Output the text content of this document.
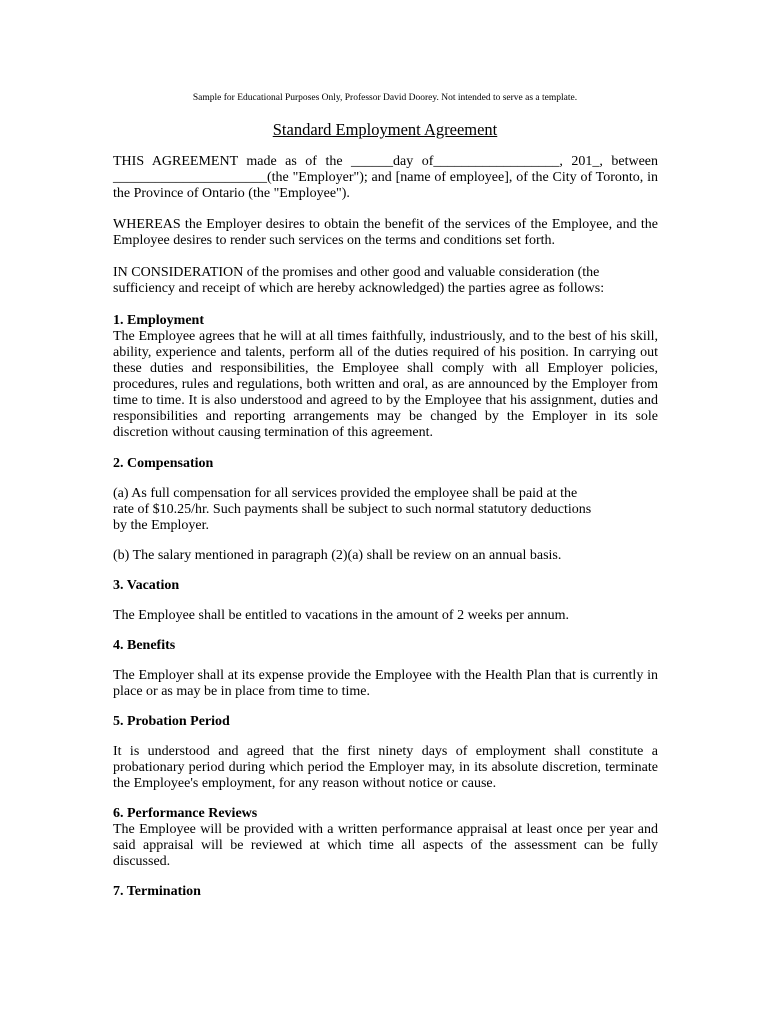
Sample for Educational Purposes Only, Professor David Doorey. Not intended to serve as a template.
Standard Employment Agreement

THIS AGREEMENT made as of the ______day of__________________, 201_, between ______________________(the "Employer"); and [name of employee], of the City of Toronto, in the Province of Ontario (the "Employee").

WHEREAS the Employer desires to obtain the benefit of the services of the Employee, and the Employee desires to render such services on the terms and conditions set forth.

IN CONSIDERATION of the promises and other good and valuable consideration (the
sufficiency and receipt of which are hereby acknowledged) the parties agree as follows:

1. Employment

The Employee agrees that he will at all times faithfully, industriously, and to the best of his skill, ability, experience and talents, perform all of the duties required of his position. In carrying out these duties and responsibilities, the Employee shall comply with all Employer policies, procedures, rules and regulations, both written and oral, as are announced by the Employer from time to time. It is also understood and agreed to by the Employee that his assignment, duties and responsibilities and reporting arrangements may be changed by the Employer in its sole discretion without causing termination of this agreement.

2. Compensation

(a) As full compensation for all services provided the employee shall be paid at the
rate of $10.25/hr. Such payments shall be subject to such normal statutory deductions
by the Employer.

(b) The salary mentioned in paragraph (2)(a) shall be review on an annual basis.

3. Vacation

The Employee shall be entitled to vacations in the amount of 2 weeks per annum.

4. Benefits

The Employer shall at its expense provide the Employee with the Health Plan that is currently in place or as may be in place from time to time.

5. Probation Period

It is understood and agreed that the first ninety days of employment shall constitute a probationary period during which period the Employer may, in its absolute discretion, terminate the Employee's employment, for any reason without notice or cause.

6. Performance Reviews

The Employee will be provided with a written performance appraisal at least once per year and said appraisal will be reviewed at which time all aspects of the assessment can be fully discussed.

7. Termination
